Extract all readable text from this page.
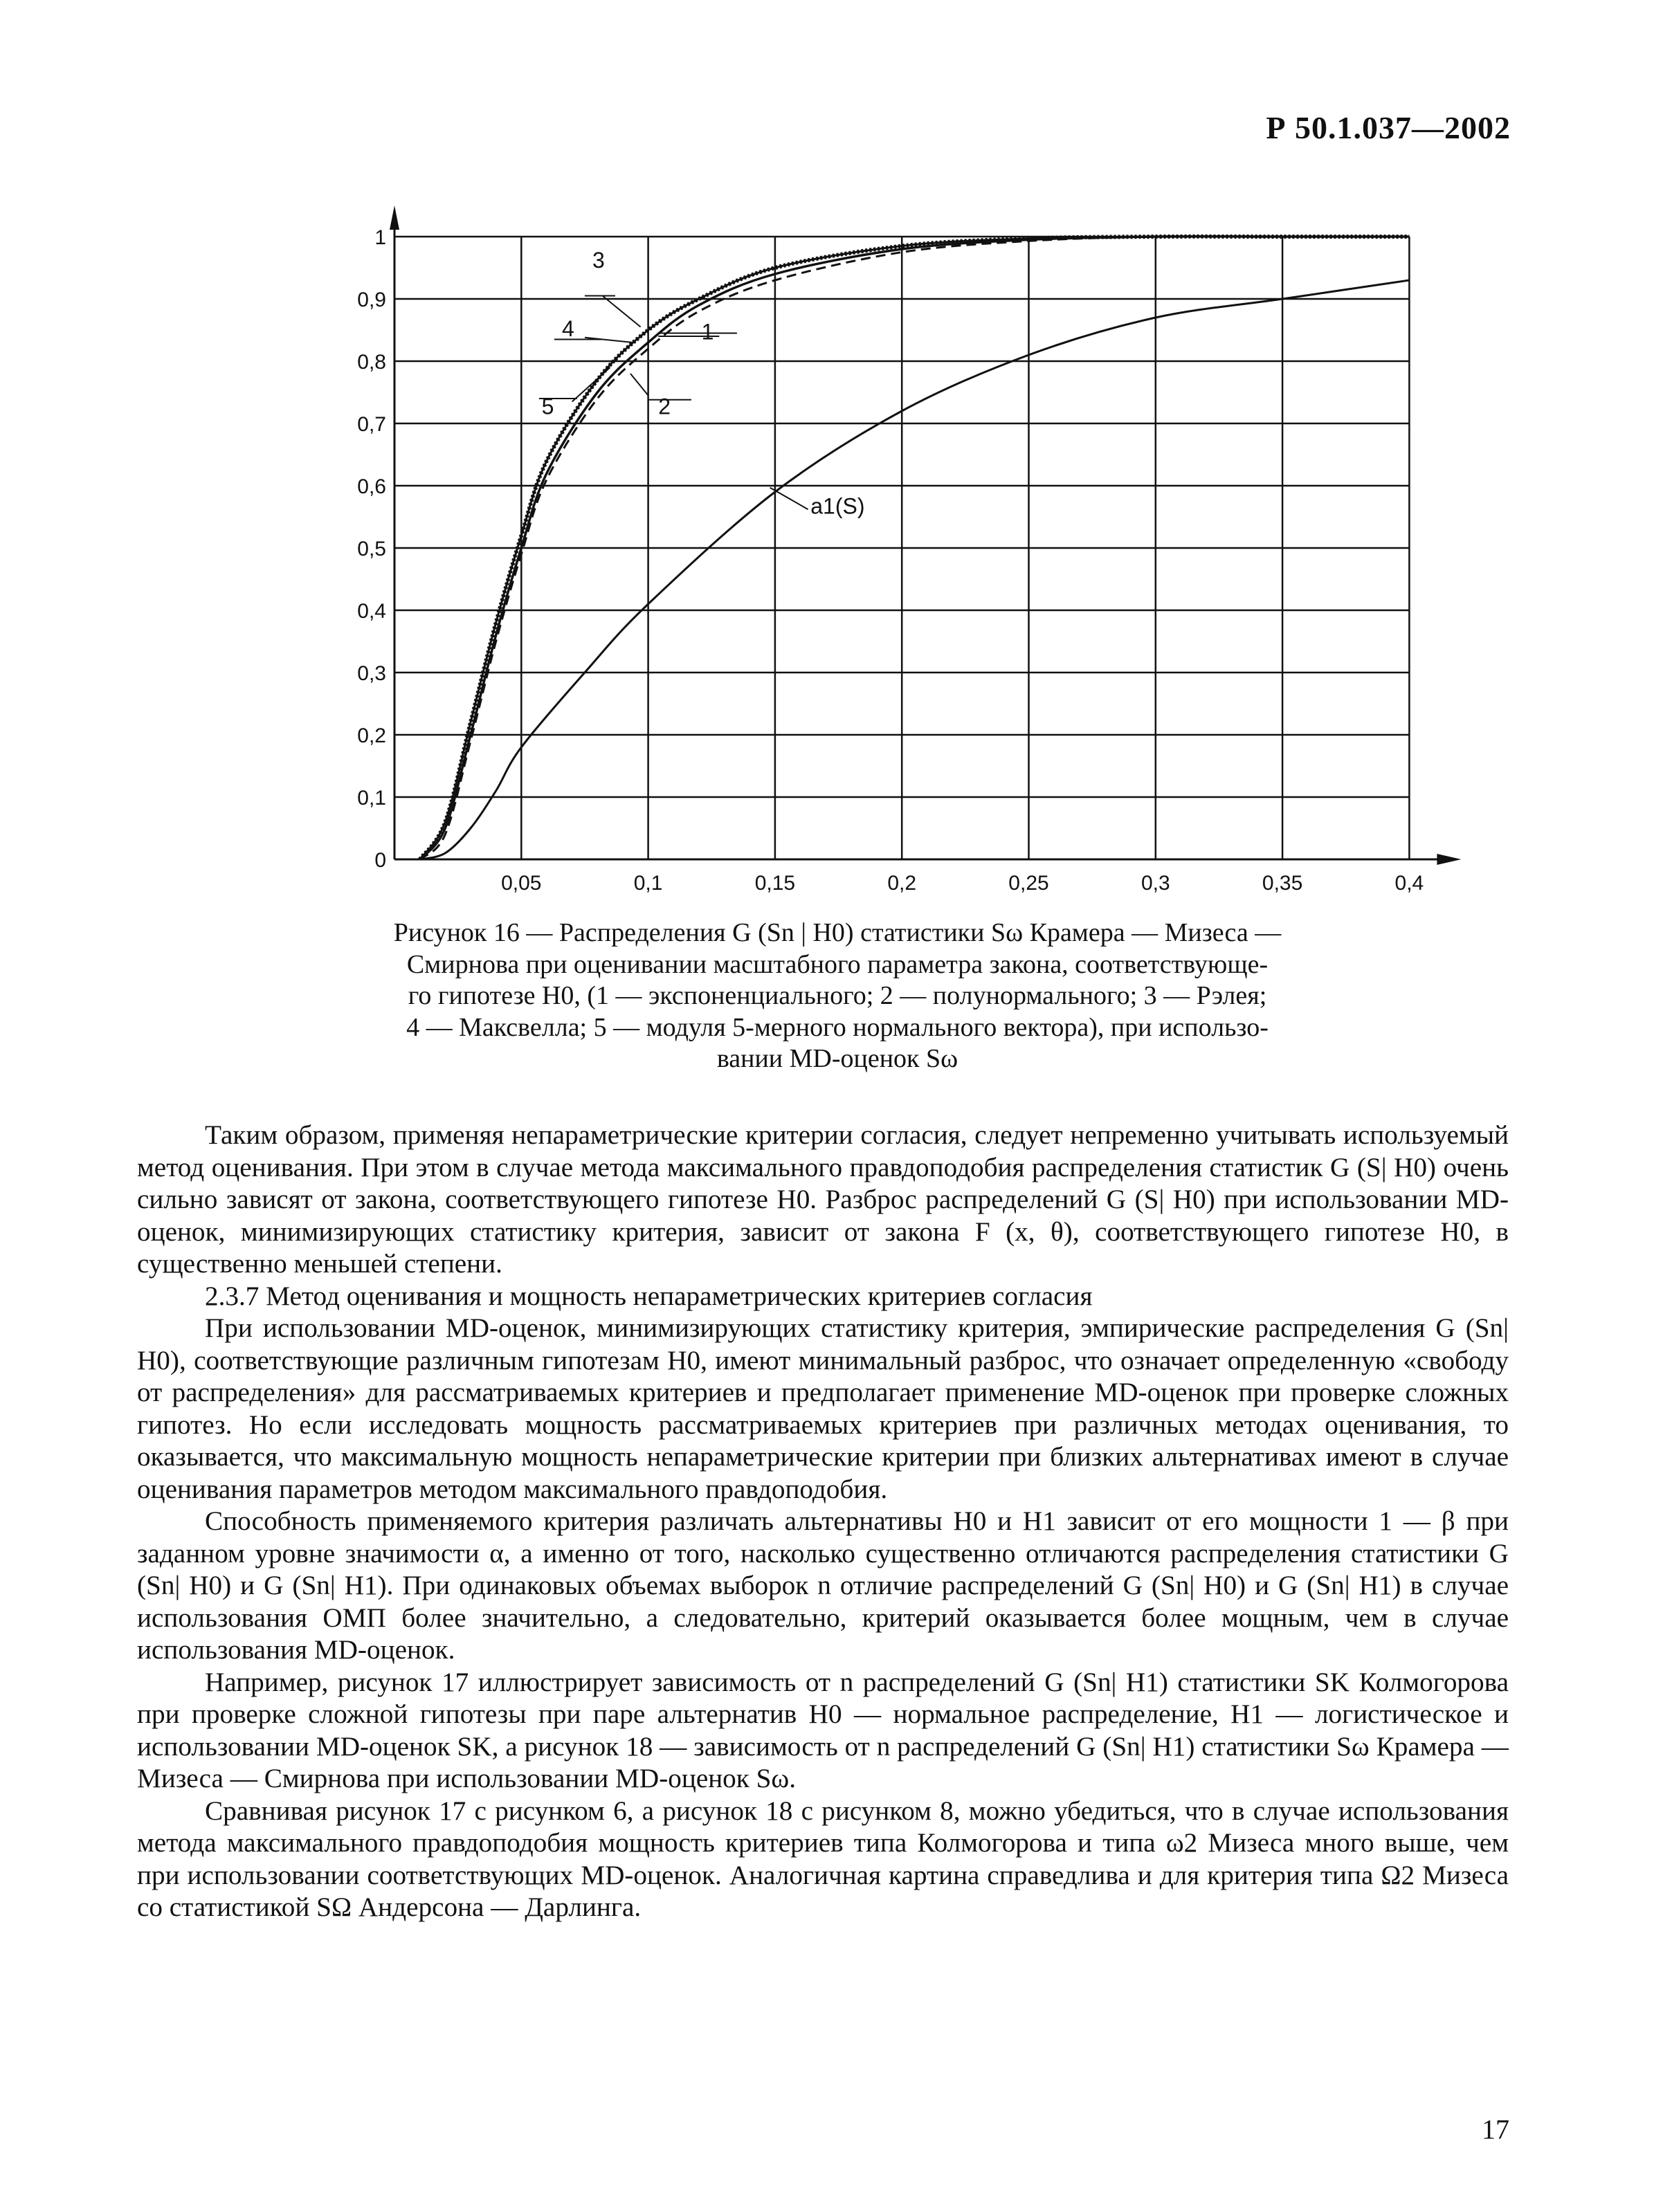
Р 50.1.037—2002
0
0,1
0,2
0,3
0,4
0,5
0,6
0,7
0,8
0,9
1
0,05	0,1	0,15	0,2	0,25	0,3	0,35	0,4
1
2
3
4
5
a1(S)
Рисунок 16 — Распределения G (Sn | H0) статистики Sω Крамера — Мизеса —
Смирнова при оценивании масштабного параметра закона, соответствующе-
го гипотезе H0, (1 — экспоненциального; 2 — полунормального; 3 — Рэлея;
4 — Максвелла; 5 — модуля 5-мерного нормального вектора), при использо-
вании MD-оценок Sω

Таким образом, применяя непараметрические критерии согласия, следует непременно учитывать используемый метод оценивания. При этом в случае метода максимального правдоподобия распределения статистик G (S| H0) очень сильно зависят от закона, соответствующего гипотезе H0. Разброс распределений G (S| H0) при использовании MD-оценок, минимизирующих статистику критерия, зависит от закона F (x, θ), соответствующего гипотезе H0, в существенно меньшей степени.

2.3.7 Метод оценивания и мощность непараметрических критериев согласия

При использовании MD-оценок, минимизирующих статистику критерия, эмпирические распределения G (Sn| H0), соответствующие различным гипотезам H0, имеют минимальный разброс, что означает определенную «свободу от распределения» для рассматриваемых критериев и предполагает применение MD-оценок при проверке сложных гипотез. Но если исследовать мощность рассматриваемых критериев при различных методах оценивания, то оказывается, что максимальную мощность непараметрические критерии при близких альтернативах имеют в случае оценивания параметров методом максимального правдоподобия.

Способность применяемого критерия различать альтернативы H0 и H1 зависит от его мощности 1 — β при заданном уровне значимости α, а именно от того, насколько существенно отличаются распределения статистики G (Sn| H0) и G (Sn| H1). При одинаковых объемах выборок n отличие распределений G (Sn| H0) и G (Sn| H1) в случае использования ОМП более значительно, а следовательно, критерий оказывается более мощным, чем в случае использования MD-оценок.

Например, рисунок 17 иллюстрирует зависимость от n распределений G (Sn| H1) статистики SK Колмогорова при проверке сложной гипотезы при паре альтернатив H0 — нормальное распределение, H1 — логистическое и использовании MD-оценок SK, а рисунок 18 — зависимость от n распределений G (Sn| H1) статистики Sω Крамера — Мизеса — Смирнова при использовании MD-оценок Sω.

Сравнивая рисунок 17 с рисунком 6, а рисунок 18 с рисунком 8, можно убедиться, что в случае использования метода максимального правдоподобия мощность критериев типа Колмогорова и типа ω2 Мизеса много выше, чем при использовании соответствующих MD-оценок. Аналогичная картина справедлива и для критерия типа Ω2 Мизеса со статистикой SΩ Андерсона — Дарлинга.

17
